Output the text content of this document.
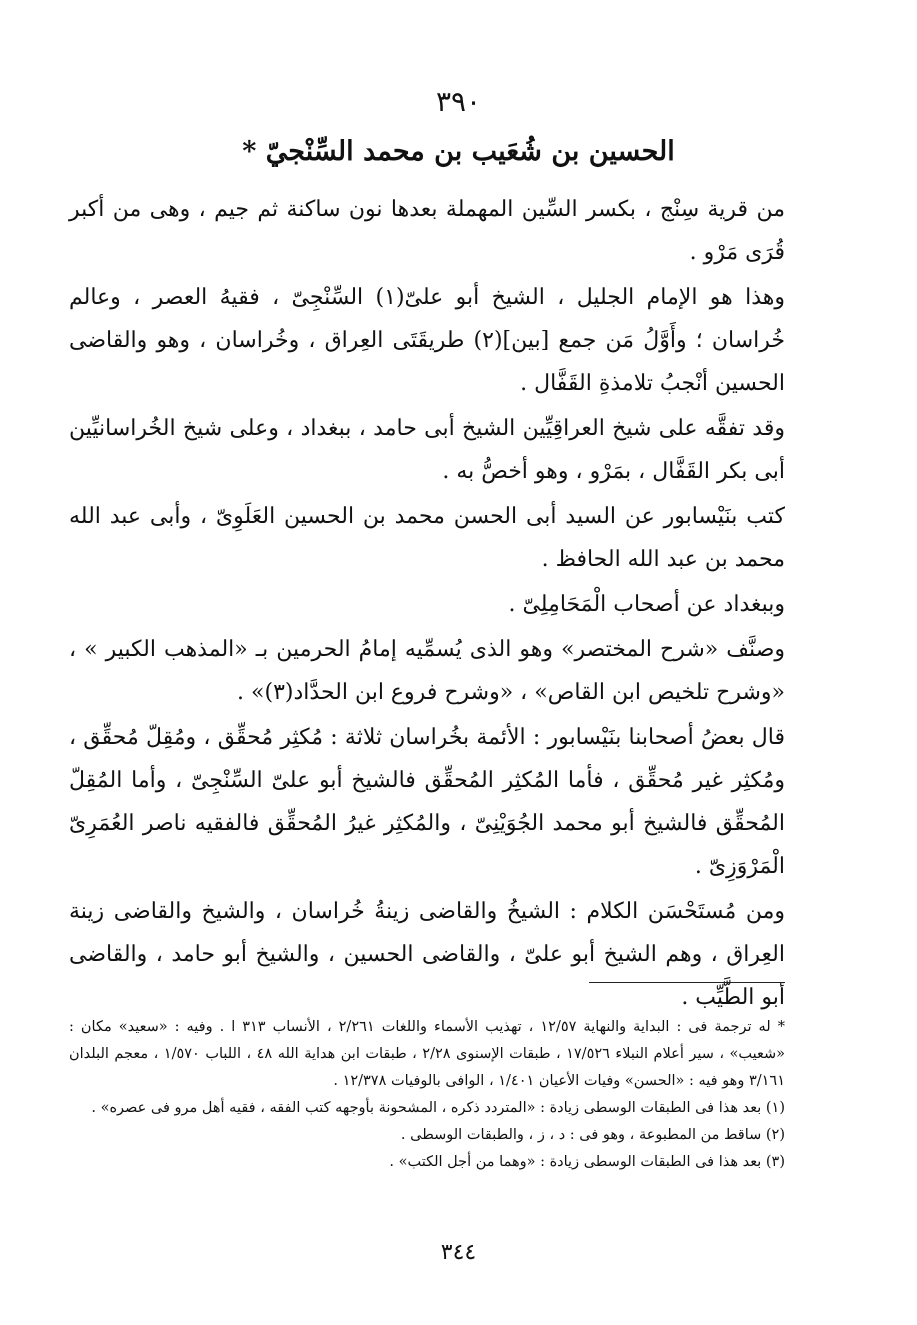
٣٩٠
الحسين بن شُعَيب بن محمد السِّنْجيّ *

من قرية سِنْج ، بكسر السِّين المهملة بعدها نون ساكنة ثم جيم ، وهى من أكبر قُرَى مَرْو .

وهذا هو الإمام الجليل ، الشيخ أبو علىّ(١) السِّنْجِىّ ، فقيهُ العصر ، وعالم خُراسان ؛ وأَوَّلُ مَن جمع [بين](٢) طريقَتَى العِراق ، وخُراسان ، وهو والقاضى الحسين أنْجبُ تلامذةِ القَفَّال .

وقد تفقَّه على شيخ العراقِيِّين الشيخ أبى حامد ، ببغداد ، وعلى شيخ الخُراسانيِّين أبى بكر القَفَّال ، بمَرْو ، وهو أخصُّ به .

كتب بنَيْسابور عن السيد أبى الحسن محمد بن الحسين العَلَوِىّ ، وأبى عبد الله محمد بن عبد الله الحافظ .

وببغداد عن أصحاب الْمَحَامِلِىّ .

وصنَّف «شرح المختصر» وهو الذى يُسمِّيه إمامُ الحرمين بـ «المذهب الكبير » ، «وشرح تلخيص ابن القاص» ، «وشرح فروع ابن الحدَّاد(٣)» .

قال بعضُ أصحابنا بنَيْسابور : الأئمة بخُراسان ثلاثة : مُكثِر مُحقِّق ، ومُقِلّ مُحقِّق ، ومُكثِر غير مُحقِّق ، فأما المُكثِر المُحقِّق فالشيخ أبو علىّ السِّنْجِىّ ، وأما المُقِلّ المُحقِّق فالشيخ أبو محمد الجُوَيْنِىّ ، والمُكثِر غيرُ المُحقِّق فالفقيه ناصر العُمَرِىّ الْمَرْوَزِىّ .

ومن مُستَحْسَن الكلام : الشيخُ والقاضى زينةُ خُراسان ، والشيخ والقاضى زينة العِراق ، وهم الشيخ أبو علىّ ، والقاضى الحسين ، والشيخ أبو حامد ، والقاضى أبو الطَّيِّب .

* له ترجمة فى : البداية والنهاية ١٢/٥٧ ، تهذيب الأسماء واللغات ٢/٢٦١ ، الأنساب ٣١٣ ا . وفيه : «سعيد» مكان : «شعيب» ، سير أعلام النبلاء ١٧/٥٢٦ ، طبقات الإسنوى ٢/٢٨ ، طبقات ابن هداية الله ٤٨ ، اللباب ١/٥٧٠ ، معجم البلدان ٣/١٦١ وهو فيه : «الحسن» وفيات الأعيان ١/٤٠١ ، الوافى بالوفيات ١٢/٣٧٨ .

(١) بعد هذا فى الطبقات الوسطى زيادة : «المتردد ذكره ، المشحونة بأوجهه كتب الفقه ، فقيه أهل مرو فى عصره» .

(٢) ساقط من المطبوعة ، وهو فى : د ، ز ، والطبقات الوسطى .

(٣) بعد هذا فى الطبقات الوسطى زيادة : «وهما من أجل الكتب» .

٣٤٤
